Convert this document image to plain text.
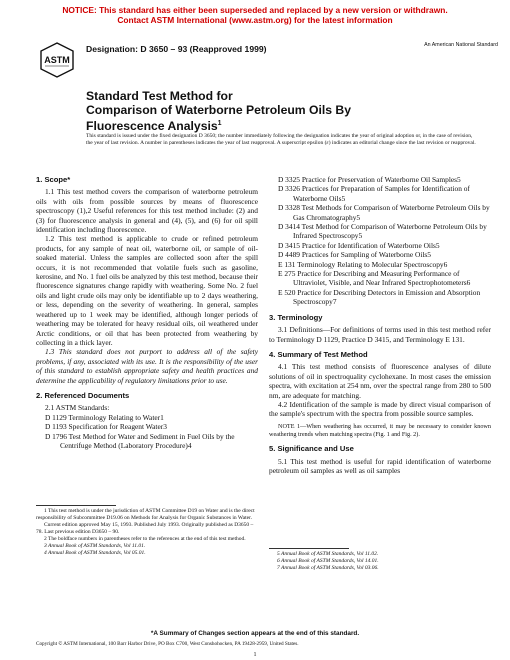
NOTICE: This standard has either been superseded and replaced by a new version or withdrawn.
Contact ASTM International (www.astm.org) for the latest information
ASTM
Designation: D 3650 – 93 (Reapproved 1999)	An American National Standard
Standard Test Method for
Comparison of Waterborne Petroleum Oils By
Fluorescence Analysis$^1$
This standard is issued under the fixed designation D 3650; the number immediately following the designation indicates the year of original adoption or, in the case of revision, the year of last revision. A number in parentheses indicates the year of last reapproval. A superscript epsilon (ε) indicates an editorial change since the last revision or reapproval.
1. Scope*

1.1 This test method covers the comparison of waterborne petroleum oils with oils from possible sources by means of fluorescence spectroscopy (1),2 Useful references for this test method include: (2) and (3) for fluorescence analysis in general and (4), (5), and (6) for oil spill identification including fluorescence.

1.2 This test method is applicable to crude or refined petroleum products, for any sample of neat oil, waterborne oil, or sample of oil-soaked material. Unless the samples are collected soon after the spill occurs, it is not recommended that volatile fuels such as gasoline, kerosine, and No. 1 fuel oils be analyzed by this test method, because their fluorescence signatures change rapidly with weathering. Some No. 2 fuel oils and light crude oils may only be identifiable up to 2 days weathering, or less, depending on the severity of weathering. In general, samples weathered up to 1 week may be identified, although longer periods of weathering may be tolerated for heavy residual oils, oil weathered under Arctic conditions, or oil that has been protected from weathering by collecting in a thick layer.

1.3 This standard does not purport to address all of the safety problems, if any, associated with its use. It is the responsibility of the user of this standard to establish appropriate safety and health practices and determine the applicability of regulatory limitations prior to use.

2. Referenced Documents

2.1 ASTM Standards:

D 1129 Terminology Relating to Water1

D 1193 Specification for Reagent Water3

D 1796 Test Method for Water and Sediment in Fuel Oils by the Centrifuge Method (Laboratory Procedure)4

D 3325 Practice for Preservation of Waterborne Oil Samples5

D 3326 Practices for Preparation of Samples for Identification of Waterborne Oils5

D 3328 Test Methods for Comparison of Waterborne Petroleum Oils by Gas Chromatography5

D 3414 Test Method for Comparison of Waterborne Petroleum Oils by Infrared Spectroscopy5

D 3415 Practice for Identification of Waterborne Oils5

D 4489 Practices for Sampling of Waterborne Oils5

E 131 Terminology Relating to Molecular Spectroscopy6

E 275 Practice for Describing and Measuring Performance of Ultraviolet, Visible, and Near Infrared Spectrophotometers6

E 520 Practice for Describing Detectors in Emission and Absorption Spectroscopy7

3. Terminology

3.1 Definitions—For definitions of terms used in this test method refer to Terminology D 1129, Practice D 3415, and Terminology E 131.

4. Summary of Test Method

4.1 This test method consists of fluorescence analyses of dilute solutions of oil in spectroquality cyclohexane. In most cases the emission spectra, with excitation at 254 nm, over the spectral range from 280 to 500 nm, are adequate for matching.

4.2 Identification of the sample is made by direct visual comparison of the sample's spectrum with the spectra from possible source samples.

NOTE 1—When weathering has occurred, it may be necessary to consider known weathering trends when matching spectra (Fig. 1 and Fig. 2).
5. Significance and Use

5.1 This test method is useful for rapid identification of waterborne petroleum oil samples as well as oil samples

1 This test method is under the jurisdiction of ASTM Committee D19 on Water and is the direct responsibility of Subcommittee D19.06 on Methods for Analysis for Organic Substances in Water.

Current edition approved May 15, 1993. Published July 1993. Originally published as D3650 – 78. Last previous edition D3650 – 90.

2 The boldface numbers in parentheses refer to the references at the end of this test method.

3 Annual Book of ASTM Standards, Vol 11.01.

4 Annual Book of ASTM Standards, Vol 05.01.	5 Annual Book of ASTM Standards, Vol 11.02.

6 Annual Book of ASTM Standards, Vol 14.01.

7 Annual Book of ASTM Standards, Vol 03.06.

*A Summary of Changes section appears at the end of this standard.
Copyright © ASTM International, 100 Barr Harbor Drive, PO Box C700, West Conshohocken, PA 19428-2959, United States.
1
